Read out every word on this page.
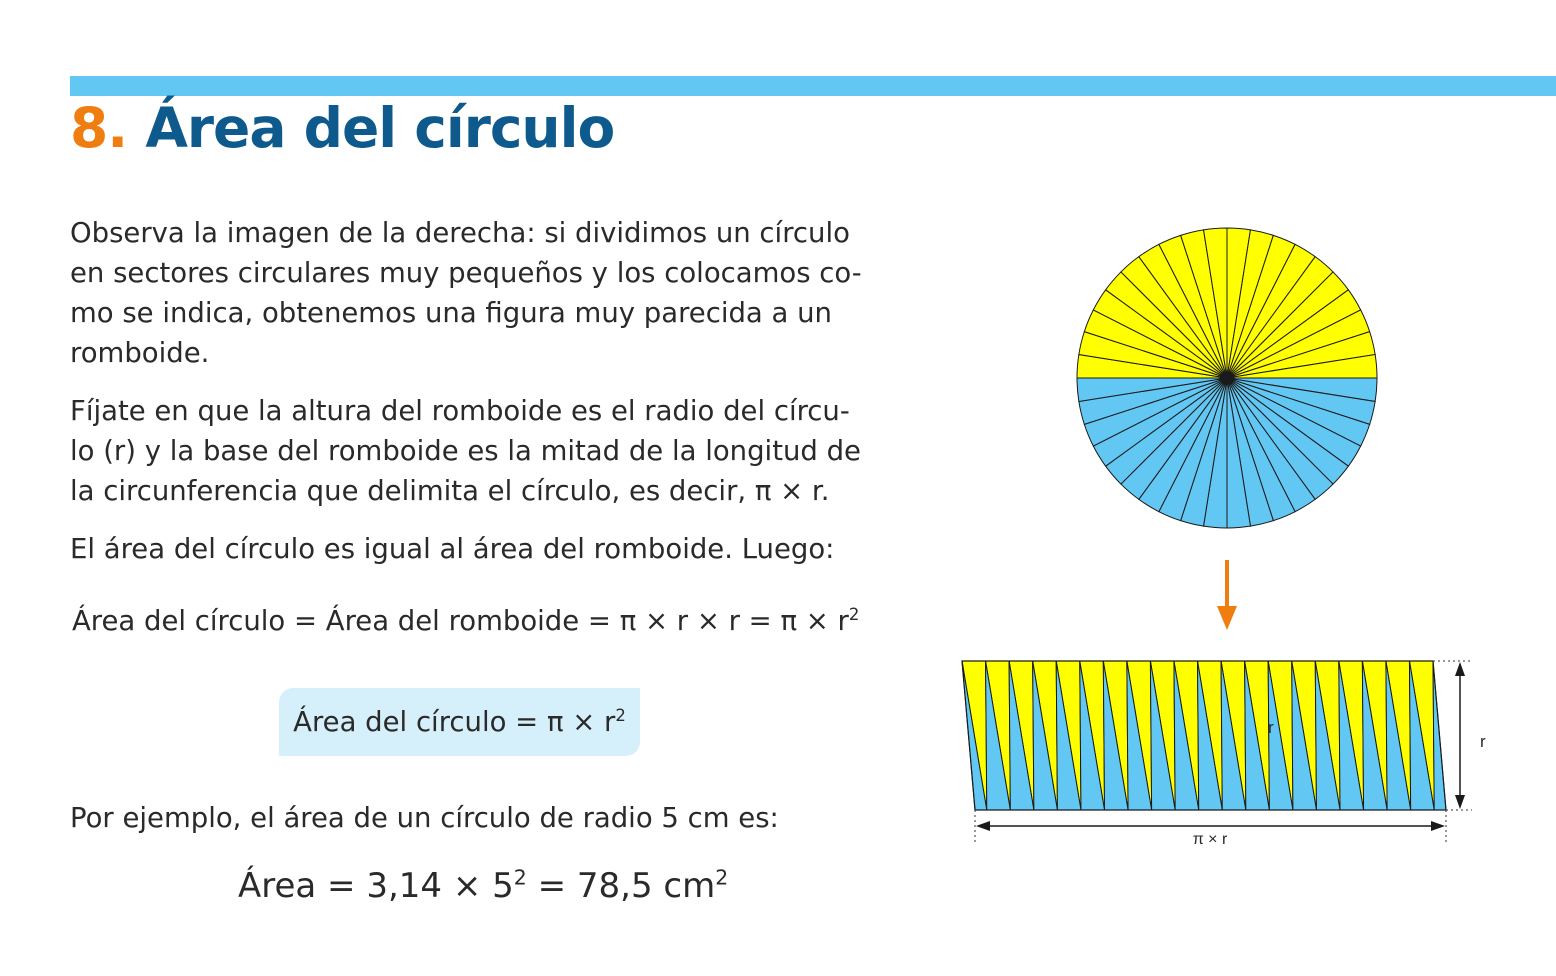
8. Área del círculo

Observa la imagen de la derecha: si dividimos un círculo
en sectores circulares muy pequeños y los colocamos co-
mo se indica, obtenemos una figura muy parecida a un
romboide.

Fíjate en que la altura del romboide es el radio del círcu-
lo (r) y la base del romboide es la mitad de la longitud de
la circunferencia que delimita el círculo, es decir, π × r.

El área del círculo es igual al área del romboide. Luego:

Área del círculo = Área del romboide = $\pi \times r \times r = \pi \times r^2$

Área del círculo = $\pi \times r^2$

Por ejemplo, el área de un círculo de radio 5 cm es:

Área = $3,14 \times 5^2 = 78,5$ $cm^2$

r
r
π × r
